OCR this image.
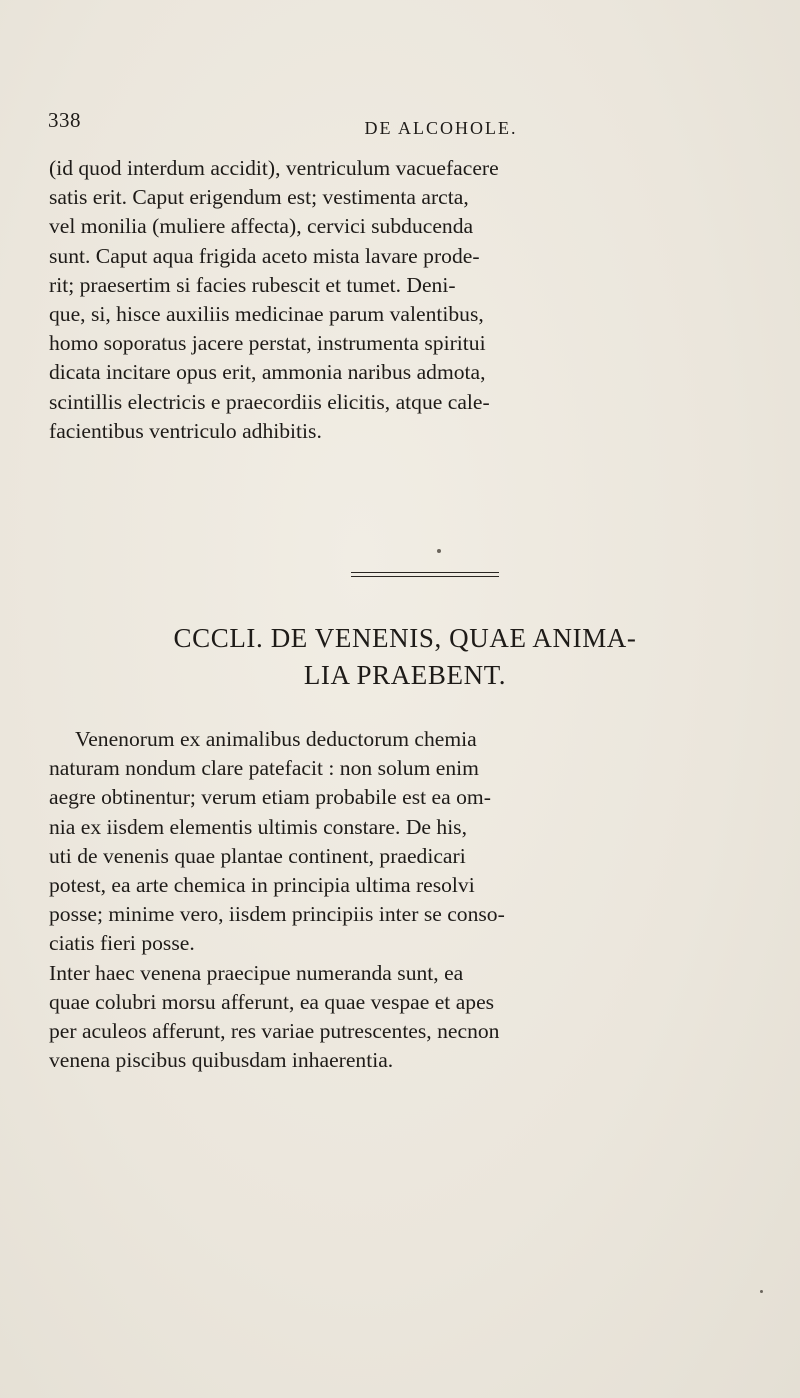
338	DE ALCOHOLE.

(id quod interdum accidit), ventriculum vacuefacere

satis erit. Caput erigendum est; vestimenta arcta,

vel monilia (muliere affecta), cervici subducenda

sunt. Caput aqua frigida aceto mista lavare prode-

rit; praesertim si facies rubescit et tumet. Deni-

que, si, hisce auxiliis medicinae parum valentibus,

homo soporatus jacere perstat, instrumenta spiritui

dicata incitare opus erit, ammonia naribus admota,

scintillis electricis e praecordiis elicitis, atque cale-

facientibus ventriculo adhibitis.

CCCLI. DE VENENIS, QUAE ANIMA-
LIA PRAEBENT.

Venenorum ex animalibus deductorum chemia

naturam nondum clare patefacit : non solum enim

aegre obtinentur; verum etiam probabile est ea om-

nia ex iisdem elementis ultimis constare. De his,

uti de venenis quae plantae continent, praedicari

potest, ea arte chemica in principia ultima resolvi

posse; minime vero, iisdem principiis inter se conso-

ciatis fieri posse.

Inter haec venena praecipue numeranda sunt, ea

quae colubri morsu afferunt, ea quae vespae et apes

per aculeos afferunt, res variae putrescentes, necnon

venena piscibus quibusdam inhaerentia.
